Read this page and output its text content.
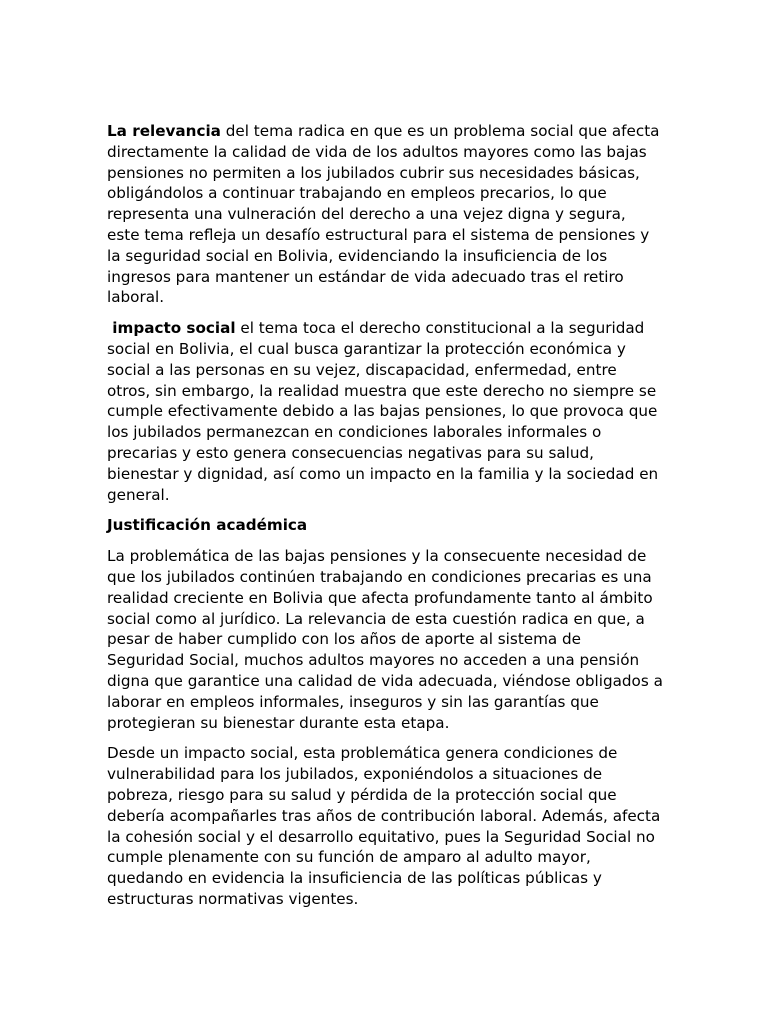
La relevancia del tema radica en que es un problema social que afecta directamente la calidad de vida de los adultos mayores como las bajas pensiones no permiten a los jubilados cubrir sus necesidades básicas, obligándolos a continuar trabajando en empleos precarios, lo que representa una vulneración del derecho a una vejez digna y segura, este tema refleja un desafío estructural para el sistema de pensiones y la seguridad social en Bolivia, evidenciando la insuficiencia de los ingresos para mantener un estándar de vida adecuado tras el retiro laboral.

impacto social el tema toca el derecho constitucional a la seguridad social en Bolivia, el cual busca garantizar la protección económica y social a las personas en su vejez, discapacidad, enfermedad, entre otros, sin embargo, la realidad muestra que este derecho no siempre se cumple efectivamente debido a las bajas pensiones, lo que provoca que los jubilados permanezcan en condiciones laborales informales o precarias y esto genera consecuencias negativas para su salud, bienestar y dignidad, así como un impacto en la familia y la sociedad en general.

Justificación académica

La problemática de las bajas pensiones y la consecuente necesidad de que los jubilados continúen trabajando en condiciones precarias es una realidad creciente en Bolivia que afecta profundamente tanto al ámbito social como al jurídico. La relevancia de esta cuestión radica en que, a pesar de haber cumplido con los años de aporte al sistema de Seguridad Social, muchos adultos mayores no acceden a una pensión digna que garantice una calidad de vida adecuada, viéndose obligados a laborar en empleos informales, inseguros y sin las garantías que protegieran su bienestar durante esta etapa.

Desde un impacto social, esta problemática genera condiciones de vulnerabilidad para los jubilados, exponiéndolos a situaciones de pobreza, riesgo para su salud y pérdida de la protección social que debería acompañarles tras años de contribución laboral. Además, afecta la cohesión social y el desarrollo equitativo, pues la Seguridad Social no cumple plenamente con su función de amparo al adulto mayor, quedando en evidencia la insuficiencia de las políticas públicas y estructuras normativas vigentes.
